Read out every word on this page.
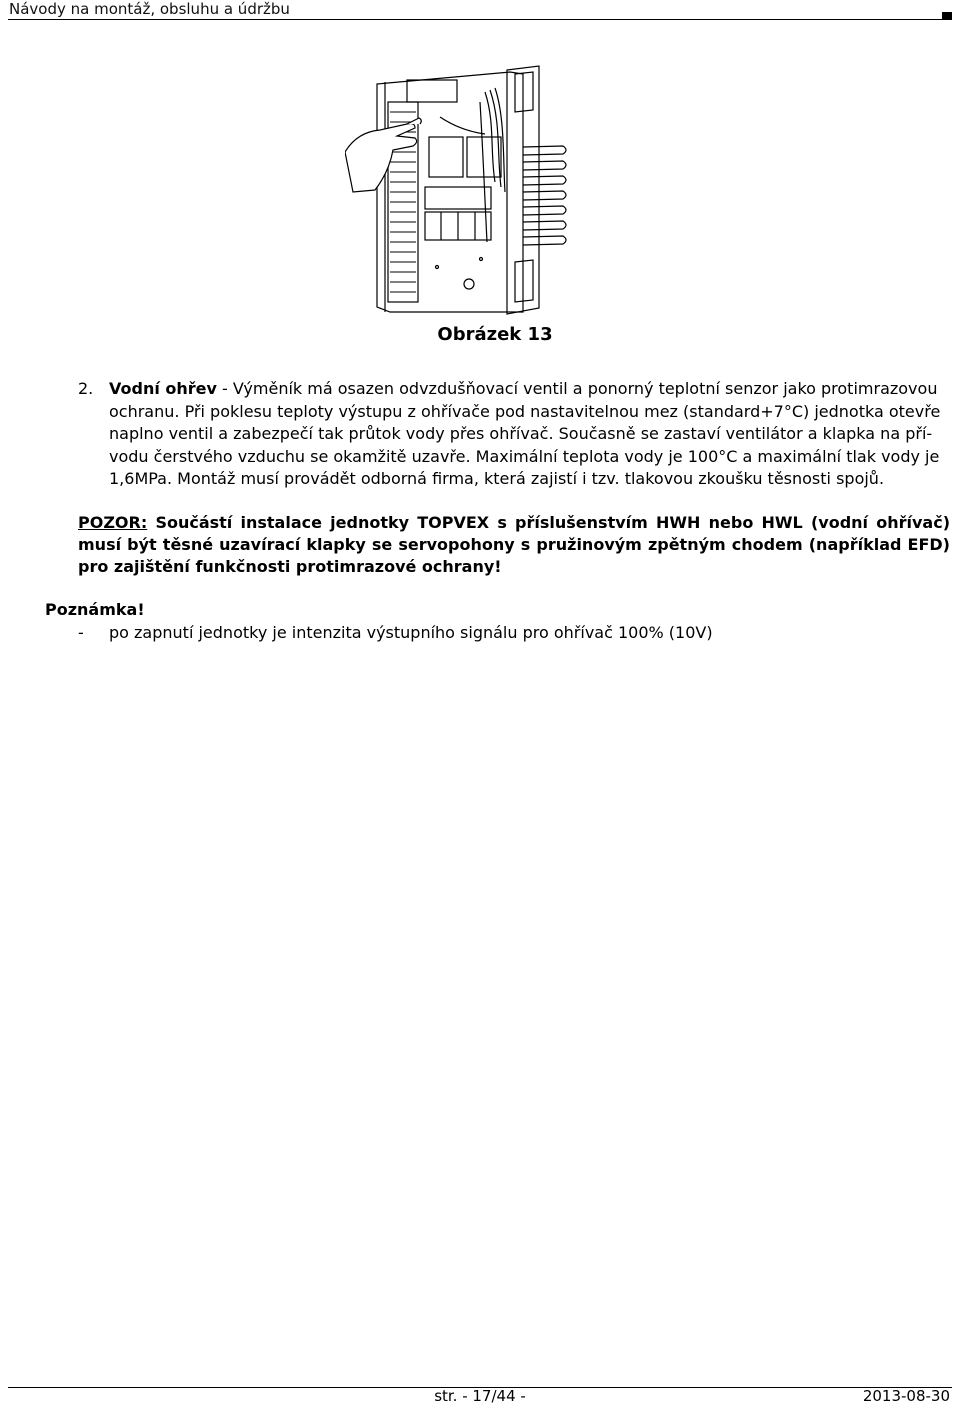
Návody na montáž, obsluhu a údržbu
Obrázek 13
2. Vodní ohřev - Výměník má osazen odvzdušňovací ventil a ponorný teplotní senzor jako protimrazovou
ochranu. Při poklesu teploty výstupu z ohřívače pod nastavitelnou mez (standard+7°C) jednotka otevře
naplno ventil a zabezpečí tak průtok vody přes ohřívač. Současně se zastaví ventilátor a klapka na pří-
vodu čerstvého vzduchu se okamžitě uzavře. Maximální teplota vody je 100°C a maximální tlak vody je
1,6MPa. Montáž musí provádět odborná firma, která zajistí i tzv. tlakovou zkoušku těsnosti spojů.
POZOR: Součástí instalace jednotky TOPVEX s příslušenstvím HWH nebo HWL (vodní ohřívač) musí být těsné uzavírací klapky se servopohony s pružinovým zpětným chodem (například EFD) pro zajištění funkčnosti protimrazové ochrany!
Poznámka!
- po zapnutí jednotky je intenzita výstupního signálu pro ohřívač 100% (10V)
str. - 17/44 -	2013-08-30
